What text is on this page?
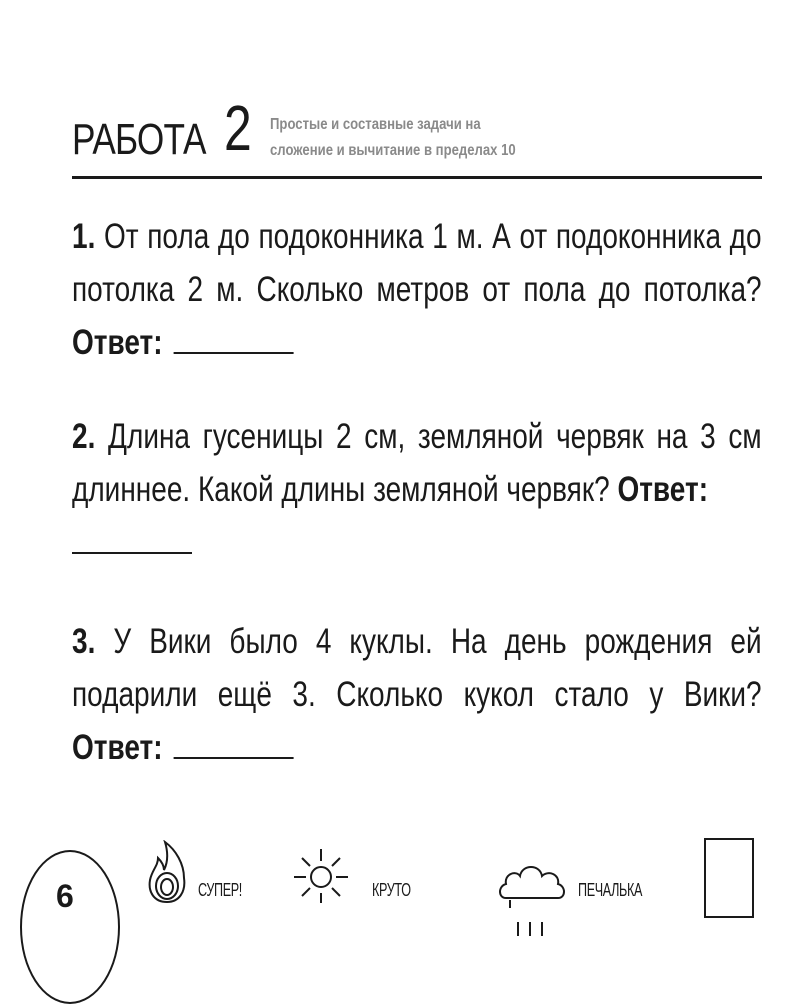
РАБОТА 2 Простые и составные задачи на
сложение и вычитание в пределах 10
1. От пола до подоконника 1 м. А от подоконника до потолка 2 м. Сколько метров от пола до потолка? Ответ:
2. Длина гусеницы 2 см, земляной червяк на 3 см длиннее. Какой длины земляной червяк? Ответ:

3. У Вики было 4 куклы. На день рождения ей подарили ещё 3. Сколько кукол стало у Вики? Ответ:
6	СУПЕР!	КРУТО	ПЕЧАЛЬКА
